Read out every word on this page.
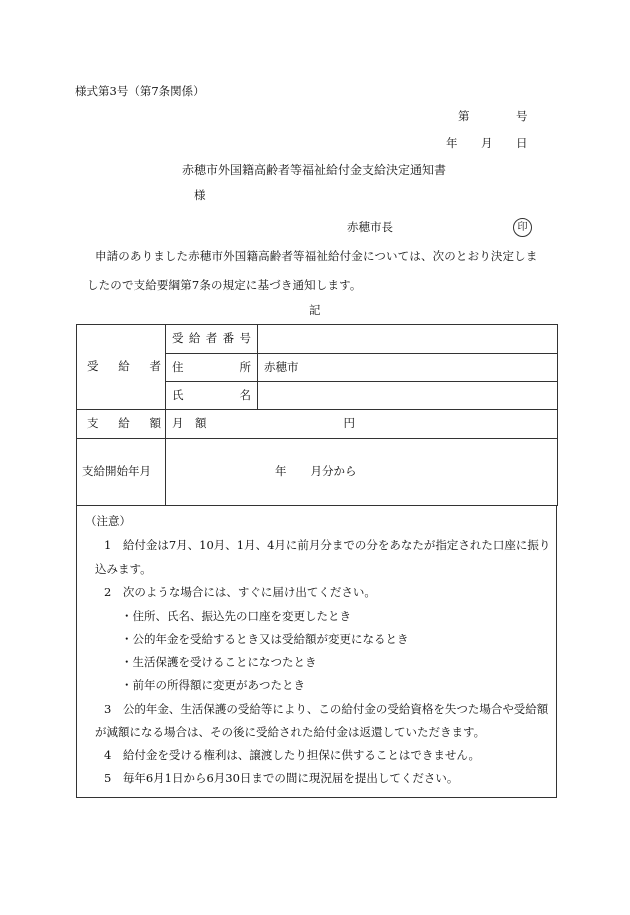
様式第3号（第7条関係）
第	号
年 月 日
赤穂市外国籍高齢者等福祉給付金支給決定通知書
様
赤穂市長	印
申請のありました赤穂市外国籍高齢者等福祉給付金については、次のとおり決定しま
したので支給要綱第7条の規定に基づき通知します。
記
受 給 者	受 給 者 番 号	

	住 所	赤穂市

	氏 名	

支 給 額	月　額 円	

支給開始年月	年 月分から	
（注意）
1　給付金は7月、10月、1月、4月に前月分までの分をあなたが指定された口座に振り
込みます。
2　次のような場合には、すぐに届け出てください。
・住所、氏名、振込先の口座を変更したとき
・公的年金を受給するとき又は受給額が変更になるとき
・生活保護を受けることになつたとき
・前年の所得額に変更があつたとき
3　公的年金、生活保護の受給等により、この給付金の受給資格を失つた場合や受給額
が減額になる場合は、その後に受給された給付金は返還していただきます。
4　給付金を受ける権利は、譲渡したり担保に供することはできません。
5　毎年6月1日から6月30日までの間に現況届を提出してください。
